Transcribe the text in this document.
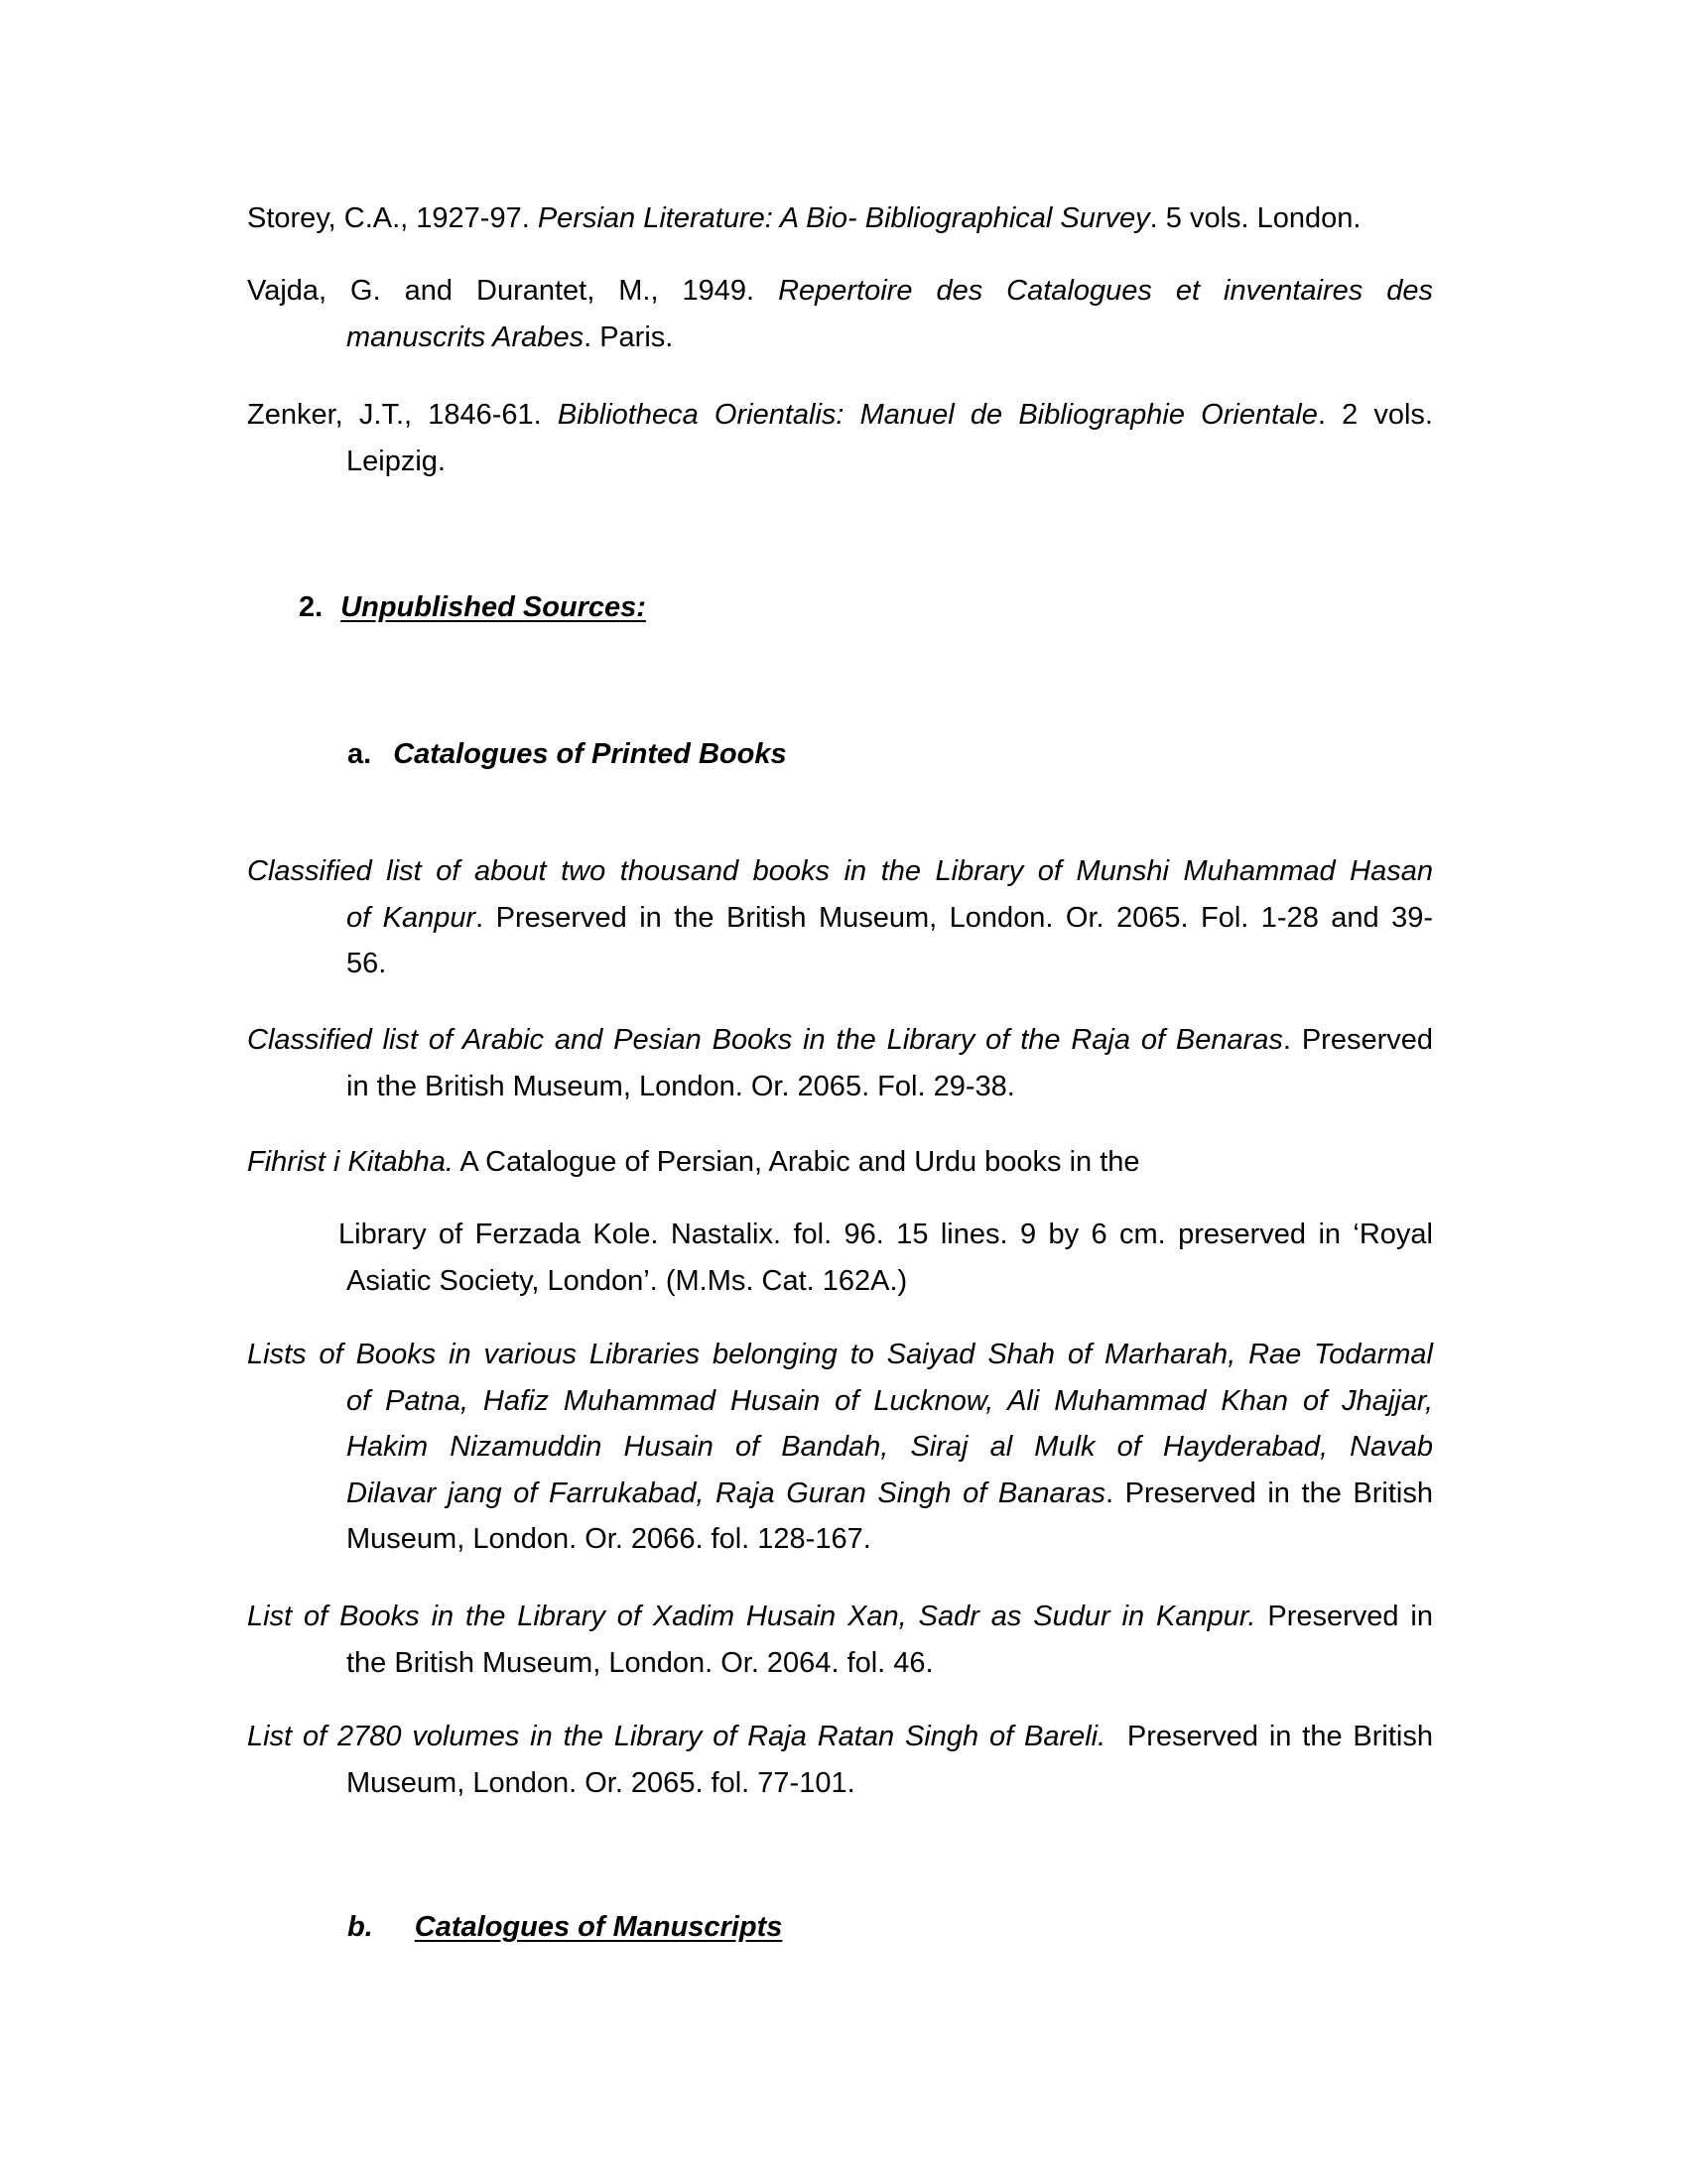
Storey, C.A., 1927-97. Persian Literature: A Bio- Bibliographical Survey. 5 vols. London.
Vajda, G. and Durantet, M., 1949. Repertoire des Catalogues et inventaires des
manuscrits Arabes. Paris.
Zenker, J.T., 1846-61. Bibliotheca Orientalis: Manuel de Bibliographie Orientale. 2 vols.
Leipzig.
2. Unpublished Sources:
a. Catalogues of Printed Books
Classified list of about two thousand books in the Library of Munshi Muhammad Hasan
of Kanpur. Preserved in the British Museum, London. Or. 2065. Fol. 1-28 and 39-
56.
Classified list of Arabic and Pesian Books in the Library of the Raja of Benaras. Preserved
in the British Museum, London. Or. 2065. Fol. 29-38.
Fihrist i Kitabha. A Catalogue of Persian, Arabic and Urdu books in the
Library of Ferzada Kole. Nastalix. fol. 96. 15 lines. 9 by 6 cm. preserved in ‘Royal
Asiatic Society, London’. (M.Ms. Cat. 162A.)
Lists of Books in various Libraries belonging to Saiyad Shah of Marharah, Rae Todarmal
of Patna, Hafiz Muhammad Husain of Lucknow, Ali Muhammad Khan of Jhajjar,
Hakim Nizamuddin Husain of Bandah, Siraj al Mulk of Hayderabad, Navab
Dilavar jang of Farrukabad, Raja Guran Singh of Banaras. Preserved in the British
Museum, London. Or. 2066. fol. 128-167.
List of Books in the Library of Xadim Husain Xan, Sadr as Sudur in Kanpur. Preserved in
the British Museum, London. Or. 2064. fol. 46.
List of 2780 volumes in the Library of Raja Ratan Singh of Bareli.  Preserved in the British
Museum, London. Or. 2065. fol. 77-101.
b. Catalogues of Manuscripts
